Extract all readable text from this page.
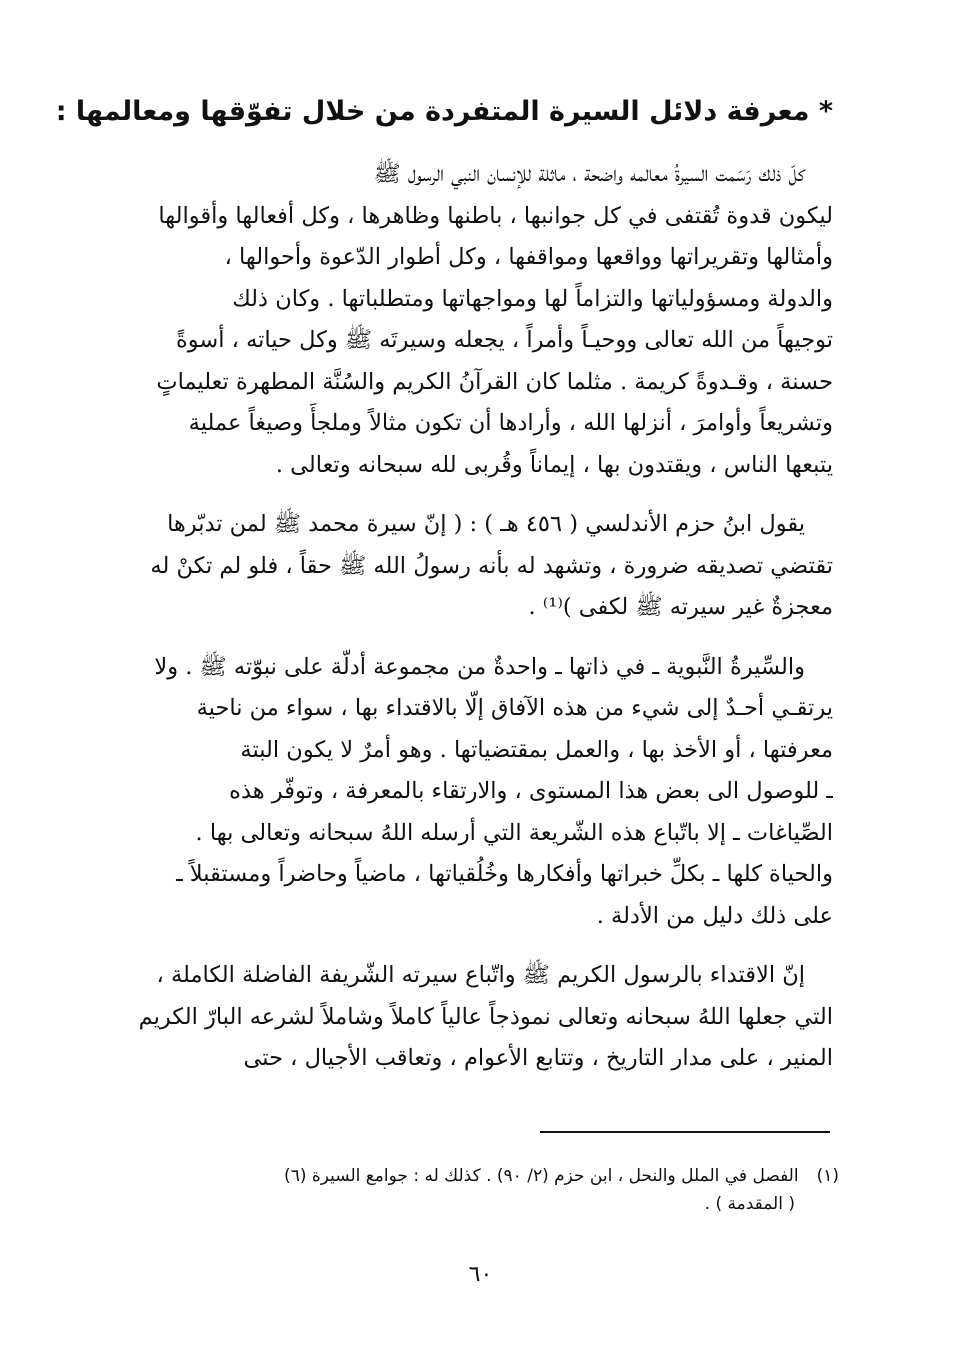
* معرفة دلائل السيرة المتفردة من خلال تفوّقها ومعالمها :
كلّ ذلك رَسَمت السيرةُ معالمه واضحة ، ماثلة للإنسان النبي الرسول ﷺ
ليكون قدوة تُقتفى في كل جوانبها ، باطنها وظاهرها ، وكل أفعالها وأقوالها
وأمثالها وتقريراتها وواقعها ومواقفها ، وكل أطوار الدّعوة وأحوالها ،
والدولة ومسؤولياتها والتزاماً لها ومواجهاتها ومتطلباتها . وكان ذلك
توجيهاً من الله تعالى ووحيـاً وأمراً ، يجعله وسيرتَه ﷺ وكل حياته ، أسوةً
حسنة ، وقـدوةً كريمة . مثلما كان القرآنُ الكريم والسُنَّة المطهرة تعليماتٍ
وتشريعاً وأوامرَ ، أنزلها الله ، وأرادها أن تكون مثالاً وملجأً وصيغاً عملية
يتبعها الناس ، ويقتدون بها ، إيماناً وقُربى لله سبحانه وتعالى .
يقول ابنُ حزم الأندلسي ( ٤٥٦ هـ ) : ( إنّ سيرة محمد ﷺ لمن تدبّرها
تقتضي تصديقه ضرورة ، وتشهد له بأنه رسولُ الله ﷺ حقاً ، فلو لم تكنْ له
معجزةٌ غير سيرته ﷺ لكفى )⁽¹⁾ .
والسِّيرةُ النَّبوية ـ في ذاتها ـ واحدةٌ من مجموعة أدلّة على نبوّته ﷺ . ولا
يرتقـي أحـدٌ إلى شيء من هذه الآفاق إلّا بالاقتداء بها ، سواء من ناحية
معرفتها ، أو الأخذ بها ، والعمل بمقتضياتها . وهو أمرٌ لا يكون البتة
ـ للوصول الى بعض هذا المستوى ، والارتقاء بالمعرفة ، وتوفّر هذه
الصِّياغات ـ إلا باتّباع هذه الشّريعة التي أرسله اللهُ سبحانه وتعالى بها .
والحياة كلها ـ بكلِّ خبراتها وأفكارها وخُلُقياتها ، ماضياً وحاضراً ومستقبلاً ـ
على ذلك دليل من الأدلة .
إنّ الاقتداء بالرسول الكريم ﷺ واتّباع سيرته الشّريفة الفاضلة الكاملة ،
التي جعلها اللهُ سبحانه وتعالى نموذجاً عالياً كاملاً وشاملاً لشرعه البارّ الكريم
المنير ، على مدار التاريخ ، وتتابع الأعوام ، وتعاقب الأجيال ، حتى
(١)الفصل في الملل والنحل ، ابن حزم (٢/ ٩٠) . كذلك له : جوامع السيرة (٦)
( المقدمة ) .
٦٠
